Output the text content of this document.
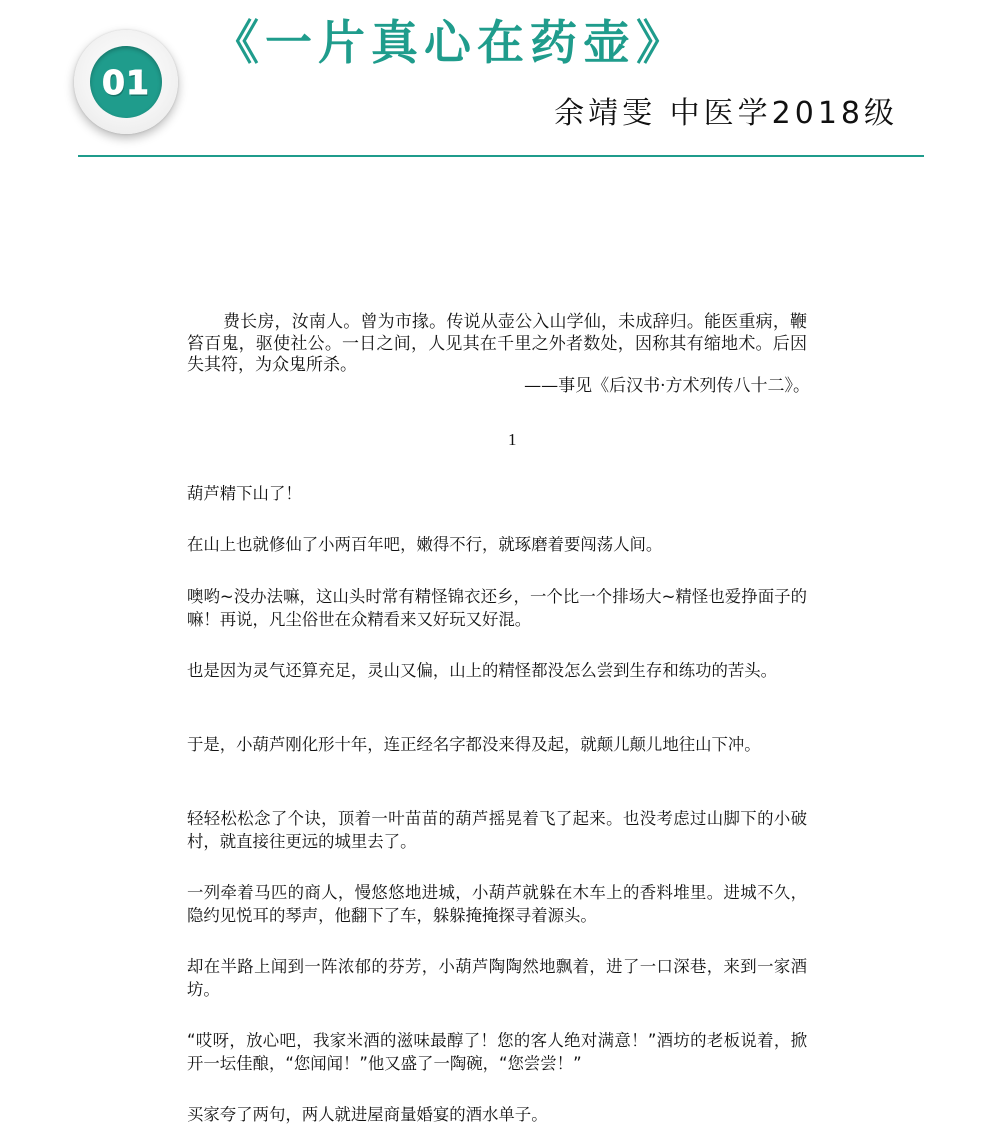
01
《一片真心在药壶》
余靖雯 中医学2018级

费长房，汝南人。曾为市掾。传说从壶公入山学仙，未成辞归。能医重病，鞭笞百鬼，驱使社公。一日之间，人见其在千里之外者数处，因称其有缩地术。后因失其符，为众鬼所杀。

——事见《后汉书·方术列传八十二》。
1

葫芦精下山了！

在山上也就修仙了小两百年吧，嫩得不行，就琢磨着要闯荡人间。

噢哟~没办法嘛，这山头时常有精怪锦衣还乡，一个比一个排场大~精怪也爱挣面子的嘛！再说，凡尘俗世在众精看来又好玩又好混。

也是因为灵气还算充足，灵山又偏，山上的精怪都没怎么尝到生存和练功的苦头。

于是，小葫芦刚化形十年，连正经名字都没来得及起，就颠儿颠儿地往山下冲。

轻轻松松念了个诀，顶着一叶苗苗的葫芦摇晃着飞了起来。也没考虑过山脚下的小破村，就直接往更远的城里去了。

一列牵着马匹的商人，慢悠悠地进城，小葫芦就躲在木车上的香料堆里。进城不久，隐约见悦耳的琴声，他翻下了车，躲躲掩掩探寻着源头。

却在半路上闻到一阵浓郁的芬芳，小葫芦陶陶然地飘着，进了一口深巷，来到一家酒坊。

“哎呀，放心吧，我家米酒的滋味最醇了！您的客人绝对满意！”酒坊的老板说着，掀开一坛佳酿，“您闻闻！”他又盛了一陶碗，“您尝尝！”

买家夸了两句，两人就进屋商量婚宴的酒水单子。
